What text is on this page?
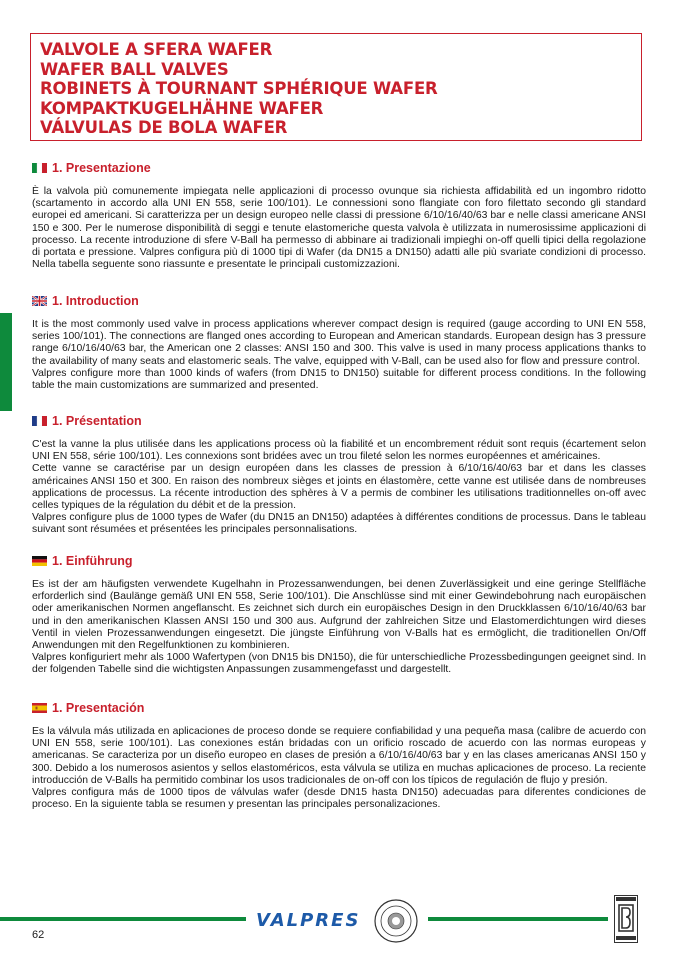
VALVOLE A SFERA WAFER
WAFER BALL VALVES
ROBINETS À TOURNANT SPHÉRIQUE WAFER
KOMPAKTKUGELHÄHNE WAFER
VÁLVULAS DE BOLA WAFER
1. Presentazione

È la valvola più comunemente impiegata nelle applicazioni di processo ovunque sia richiesta affidabilità ed un ingombro ridotto (scartamento in accordo alla UNI EN 558, serie 100/101). Le connessioni sono flangiate con foro filettato secondo gli standard europei ed americani. Si caratterizza per un design europeo nelle classi di pressione 6/10/16/40/63 bar e nelle classi americane ANSI 150 e 300. Per le numerose disponibilità di seggi e tenute elastomeriche questa valvola è utilizzata in numerosissime applicazioni di processo. La recente introduzione di sfere V-Ball ha permesso di abbinare ai tradizionali impieghi on-off quelli tipici della regolazione di portata e pressione. Valpres configura più di 1000 tipi di Wafer (da DN15 a DN150) adatti alle più svariate condizioni di processo. Nella tabella seguente sono riassunte e presentate le principali customizzazioni.

1. Introduction

It is the most commonly used valve in process applications wherever compact design is required (gauge according to UNI EN 558, series 100/101). The connections are flanged ones according to European and American standards. European design has 3 pressure range 6/10/16/40/63 bar, the American one 2 classes: ANSI 150 and 300. This valve is used in many process applications thanks to the availability of many seats and elastomeric seals. The valve, equipped with V-Ball, can be used also for flow and pressure control.

Valpres configure more than 1000 kinds of wafers (from DN15 to DN150) suitable for different process conditions. In the following table the main customizations are summarized and presented.

1. Présentation

C'est la vanne la plus utilisée dans les applications process où la fiabilité et un encombrement réduit sont requis (écartement selon UNI EN 558, série 100/101). Les connexions sont bridées avec un trou fileté selon les normes européennes et américaines.

Cette vanne se caractérise par un design européen dans les classes de pression à 6/10/16/40/63 bar et dans les classes américaines ANSI 150 et 300. En raison des nombreux sièges et joints en élastomère, cette vanne est utilisée dans de nombreuses applications de processus. La récente introduction des sphères à V a permis de combiner les utilisations traditionnelles on-off avec celles typiques de la régulation du débit et de la pression.

Valpres configure plus de 1000 types de Wafer (du DN15 an DN150) adaptées à différentes conditions de processus. Dans le tableau suivant sont résumées et présentées les principales personnalisations.

1. Einführung

Es ist der am häufigsten verwendete Kugelhahn in Prozessanwendungen, bei denen Zuverlässigkeit und eine geringe Stellfläche erforderlich sind (Baulänge gemäß UNI EN 558, Serie 100/101). Die Anschlüsse sind mit einer Gewindebohrung nach europäischen oder amerikanischen Normen angeflanscht. Es zeichnet sich durch ein europäisches Design in den Druckklassen 6/10/16/40/63 bar und in den amerikanischen Klassen ANSI 150 und 300 aus. Aufgrund der zahlreichen Sitze und Elastomerdichtungen wird dieses Ventil in vielen Prozessanwendungen eingesetzt. Die jüngste Einführung von V-Balls hat es ermöglicht, die traditionellen On/Off Anwendungen mit den Regelfunktionen zu kombinieren.

Valpres konfiguriert mehr als 1000 Wafertypen (von DN15 bis DN150), die für unterschiedliche Prozessbedingungen geeignet sind. In der folgenden Tabelle sind die wichtigsten Anpassungen zusammengefasst und dargestellt.

1. Presentación

Es la válvula más utilizada en aplicaciones de proceso donde se requiere confiabilidad y una pequeña masa (calibre de acuerdo con UNI EN 558, serie 100/101). Las conexiones están bridadas con un orificio roscado de acuerdo con las normas europeas y americanas. Se caracteriza por un diseño europeo en clases de presión a 6/10/16/40/63 bar y en las clases americanas ANSI 150 y 300. Debido a los numerosos asientos y sellos elastoméricos, esta válvula se utiliza en muchas aplicaciones de proceso. La reciente introducción de V-Balls ha permitido combinar los usos tradicionales de on-off con los típicos de regulación de flujo y presión.

Valpres configura más de 1000 tipos de válvulas wafer (desde DN15 hasta DN150) adecuadas para diferentes condiciones de proceso. En la siguiente tabla se resumen y presentan las principales personalizaciones.

VALPRES
62
